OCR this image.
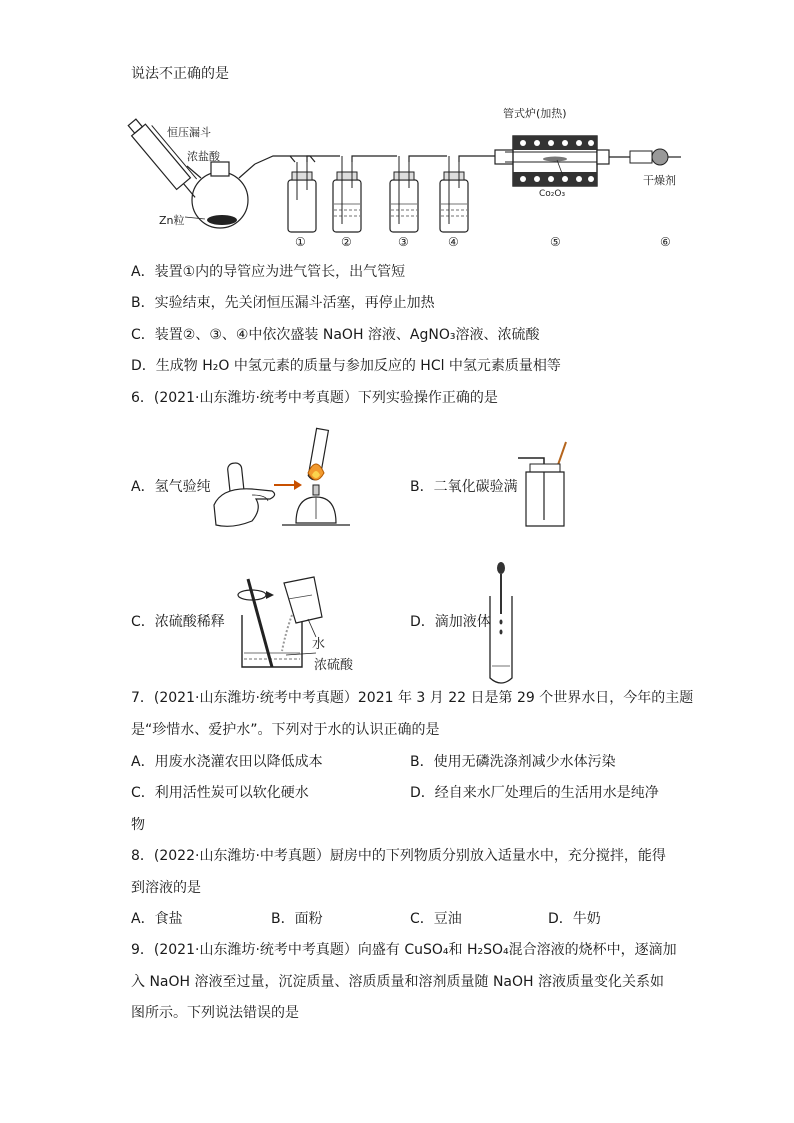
说法不正确的是
恒压漏斗
浓盐酸
Zn粒
管式炉(加热)
Co₂O₃
干燥剂
①	②	③	④	⑤	⑥
A．装置①内的导管应为进气管长，出气管短
B．实验结束，先关闭恒压漏斗活塞，再停止加热
C．装置②、③、④中依次盛装 NaOH 溶液、AgNO₃溶液、浓硫酸
D．生成物 H₂O 中氢元素的质量与参加反应的 HCl 中氢元素质量相等
6．(2021·山东潍坊·统考中考真题）下列实验操作正确的是
A．氢气验纯	B．二氧化碳验满
C．浓硫酸稀释
水
浓硫酸
D．滴加液体
7．(2021·山东潍坊·统考中考真题）2021 年 3 月 22 日是第 29 个世界水日，今年的主题
是“珍惜水、爱护水”。下列对于水的认识正确的是
A．用废水浇灌农田以降低成本	B．使用无磷洗涤剂减少水体污染
C．利用活性炭可以软化硬水	D．经自来水厂处理后的生活用水是纯净
物
8．(2022·山东潍坊·中考真题）厨房中的下列物质分别放入适量水中，充分搅拌，能得
到溶液的是
A．食盐	B．面粉	C．豆油	D．牛奶
9．(2021·山东潍坊·统考中考真题）向盛有 CuSO₄和 H₂SO₄混合溶液的烧杯中，逐滴加
入 NaOH 溶液至过量，沉淀质量、溶质质量和溶剂质量随 NaOH 溶液质量变化关系如
图所示。下列说法错误的是
